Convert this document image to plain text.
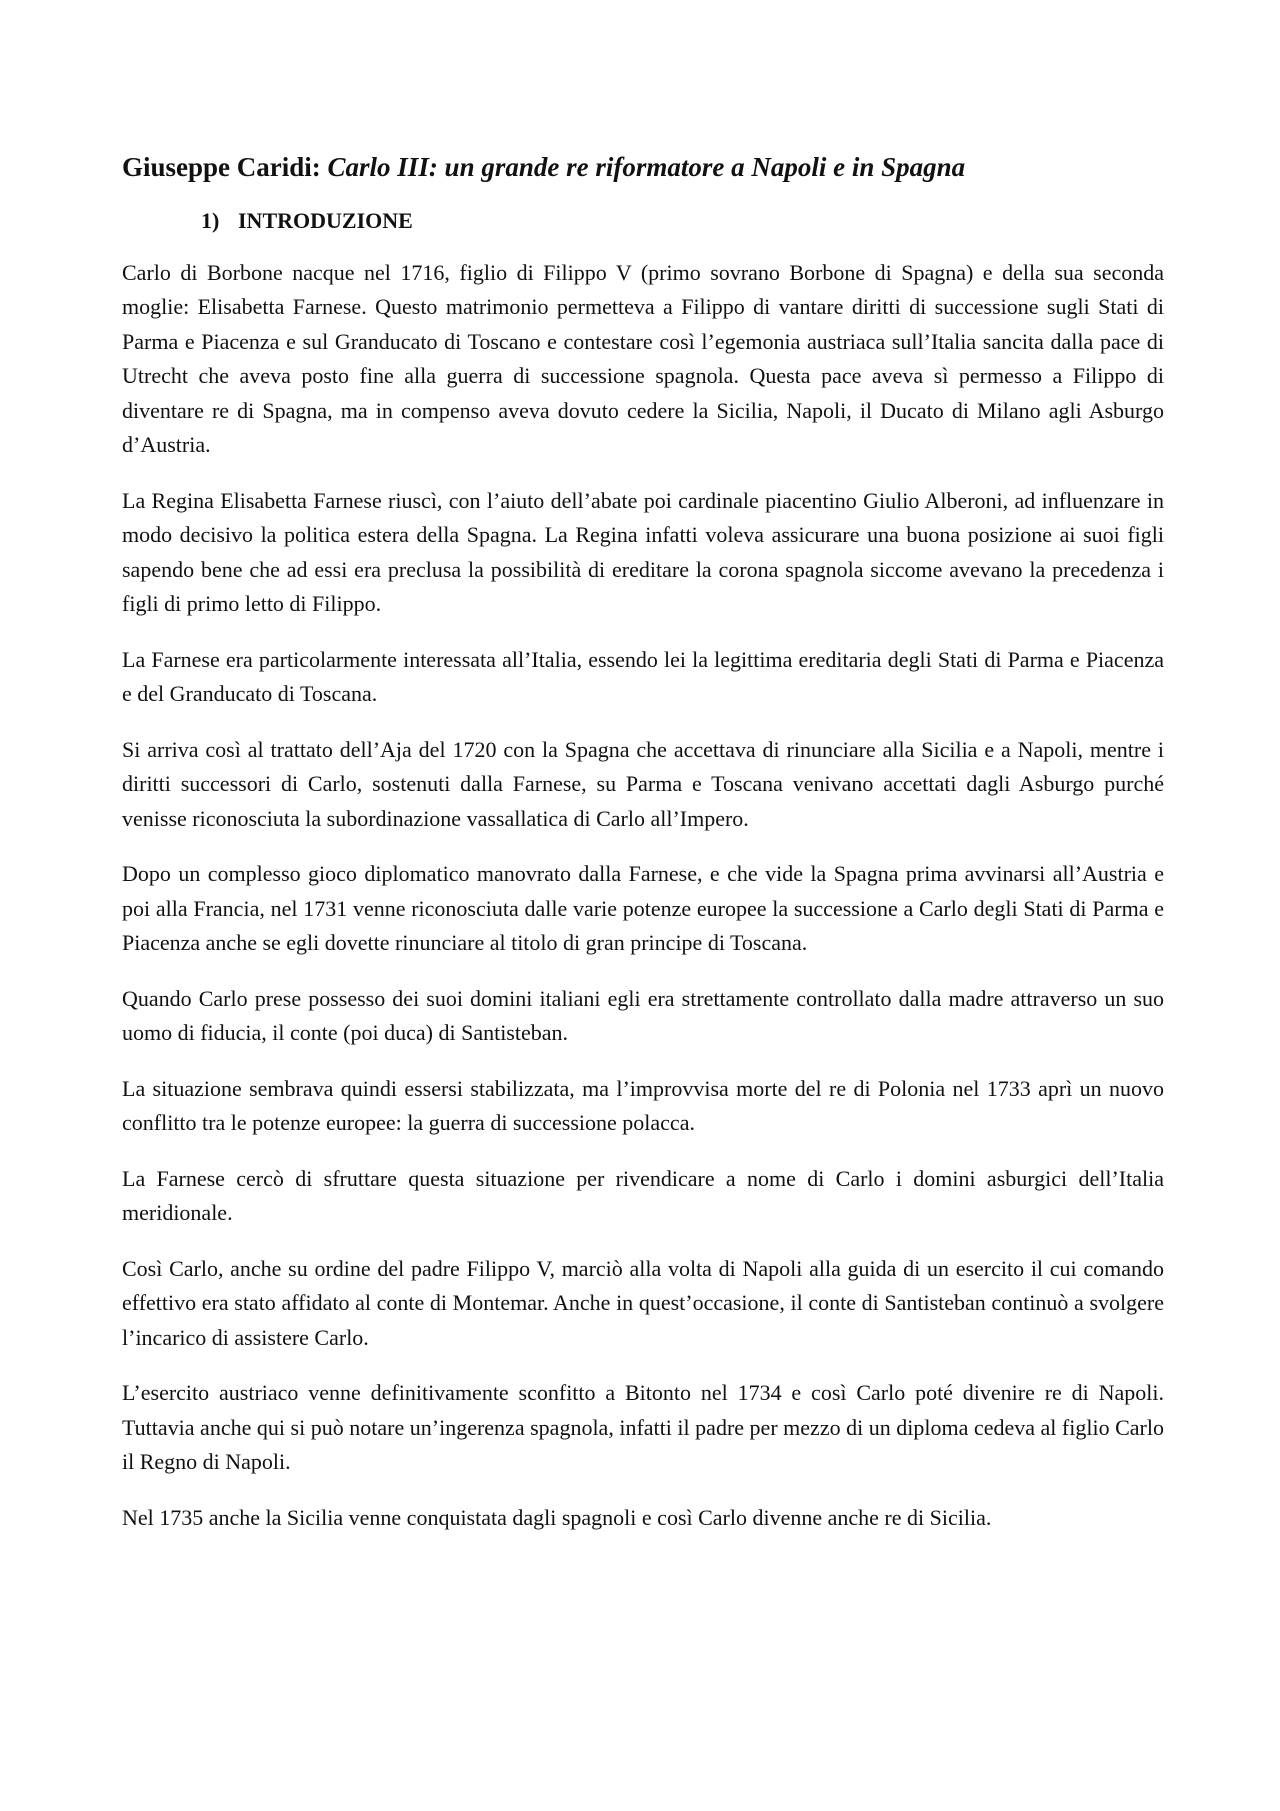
Giuseppe Caridi: Carlo III: un grande re riformatore a Napoli e in Spagna
1) INTRODUZIONE

Carlo di Borbone nacque nel 1716, figlio di Filippo V (primo sovrano Borbone di Spagna) e della sua seconda moglie: Elisabetta Farnese. Questo matrimonio permetteva a Filippo di vantare diritti di successione sugli Stati di Parma e Piacenza e sul Granducato di Toscano e contestare così l’egemonia austriaca sull’Italia sancita dalla pace di Utrecht che aveva posto fine alla guerra di successione spagnola. Questa pace aveva sì permesso a Filippo di diventare re di Spagna, ma in compenso aveva dovuto cedere la Sicilia, Napoli, il Ducato di Milano agli Asburgo d’Austria.

La Regina Elisabetta Farnese riuscì, con l’aiuto dell’abate poi cardinale piacentino Giulio Alberoni, ad influenzare in modo decisivo la politica estera della Spagna. La Regina infatti voleva assicurare una buona posizione ai suoi figli sapendo bene che ad essi era preclusa la possibilità di ereditare la corona spagnola siccome avevano la precedenza i figli di primo letto di Filippo.

La Farnese era particolarmente interessata all’Italia, essendo lei la legittima ereditaria degli Stati di Parma e Piacenza e del Granducato di Toscana.

Si arriva così al trattato dell’Aja del 1720 con la Spagna che accettava di rinunciare alla Sicilia e a Napoli, mentre i diritti successori di Carlo, sostenuti dalla Farnese, su Parma e Toscana venivano accettati dagli Asburgo purché venisse riconosciuta la subordinazione vassallatica di Carlo all’Impero.

Dopo un complesso gioco diplomatico manovrato dalla Farnese, e che vide la Spagna prima avvinarsi all’Austria e poi alla Francia, nel 1731 venne riconosciuta dalle varie potenze europee la successione a Carlo degli Stati di Parma e Piacenza anche se egli dovette rinunciare al titolo di gran principe di Toscana.

Quando Carlo prese possesso dei suoi domini italiani egli era strettamente controllato dalla madre attraverso un suo uomo di fiducia, il conte (poi duca) di Santisteban.

La situazione sembrava quindi essersi stabilizzata, ma l’improvvisa morte del re di Polonia nel 1733 aprì un nuovo conflitto tra le potenze europee: la guerra di successione polacca.

La Farnese cercò di sfruttare questa situazione per rivendicare a nome di Carlo i domini asburgici dell’Italia meridionale.

Così Carlo, anche su ordine del padre Filippo V, marciò alla volta di Napoli alla guida di un esercito il cui comando effettivo era stato affidato al conte di Montemar. Anche in quest’occasione, il conte di Santisteban continuò a svolgere l’incarico di assistere Carlo.

L’esercito austriaco venne definitivamente sconfitto a Bitonto nel 1734 e così Carlo poté divenire re di Napoli. Tuttavia anche qui si può notare un’ingerenza spagnola, infatti il padre per mezzo di un diploma cedeva al figlio Carlo il Regno di Napoli.

Nel 1735 anche la Sicilia venne conquistata dagli spagnoli e così Carlo divenne anche re di Sicilia.
